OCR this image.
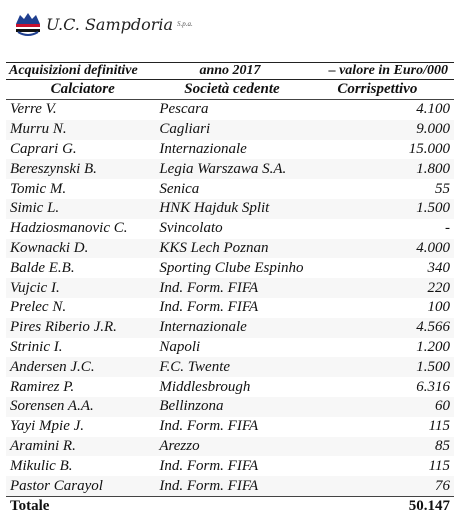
U.C. Sampdoria S.p.a.
Acquisizioni definitive	anno 2017	– valore in Euro/000
Calciatore	Società cedente	Corrispettivo
Verre V.	Pescara	4.100
Murru N.	Cagliari	9.000
Caprari G.	Internazionale	15.000
Bereszynski B.	Legia Warszawa S.A.	1.800
Tomic M.	Senica	55
Simic L.	HNK Hajduk Split	1.500
Hadziosmanovic C.	Svincolato	-
Kownacki D.	KKS Lech Poznan	4.000
Balde E.B.	Sporting Clube Espinho	340
Vujcic I.	Ind. Form. FIFA	220
Prelec N.	Ind. Form. FIFA	100
Pires Riberio J.R.	Internazionale	4.566
Strinic I.	Napoli	1.200
Andersen J.C.	F.C. Twente	1.500
Ramirez P.	Middlesbrough	6.316
Sorensen A.A.	Bellinzona	60
Yayi Mpie J.	Ind. Form. FIFA	115
Aramini R.	Arezzo	85
Mikulic B.	Ind. Form. FIFA	115
Pastor Carayol	Ind. Form. FIFA	76
Totale		50.147
